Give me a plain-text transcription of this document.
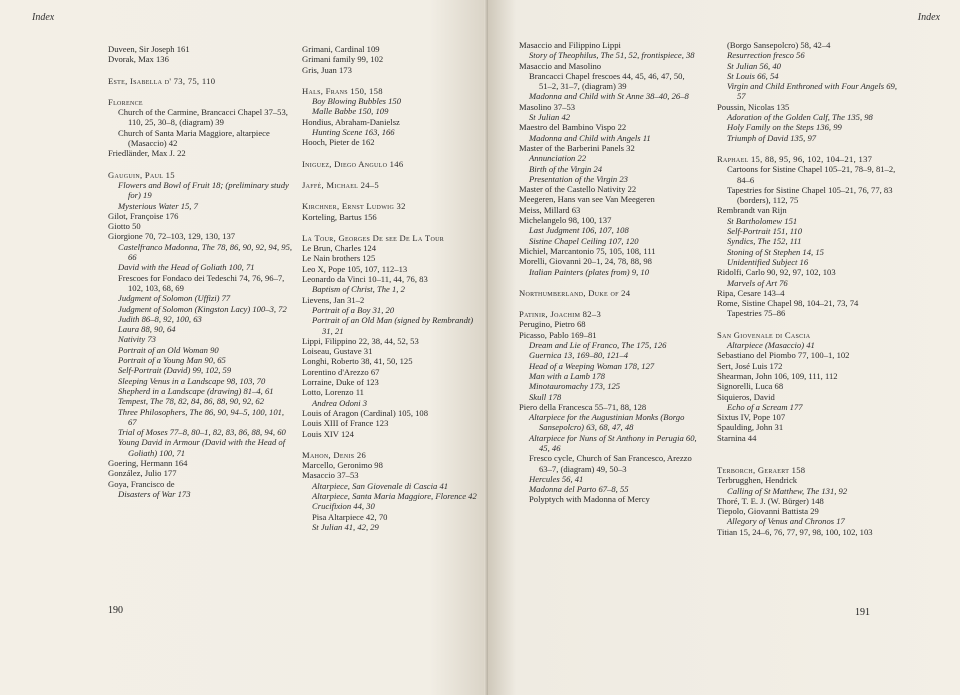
Index
Duveen, Sir Joseph 161
Dvorak, Max 136
Este, Isabella d' 73, 75, 110
Florence
Church of the Carmine, Brancacci Chapel 37–53, 110, 25, 30–8, (diagram) 39
Church of Santa Maria Maggiore, altarpiece (Masaccio) 42
Friedländer, Max J. 22
Gauguin, Paul 15
Flowers and Bowl of Fruit 18; (preliminary study for) 19
Mysterious Water 15, 7
Gilot, Françoise 176
Giotto 50
Giorgione 70, 72–103, 129, 130, 137
Castelfranco Madonna, The 78, 86, 90, 92, 94, 95, 66
David with the Head of Goliath 100, 71
Frescoes for Fondaco dei Tedeschi 74, 76, 96–7, 102, 103, 68, 69
Judgment of Solomon (Uffizi) 77
Judgment of Solomon (Kingston Lacy) 100–3, 72
Judith 86–8, 92, 100, 63
Laura 88, 90, 64
Nativity 73
Portrait of an Old Woman 90
Portrait of a Young Man 90, 65
Self-Portrait (David) 99, 102, 59
Sleeping Venus in a Landscape 98, 103, 70
Shepherd in a Landscape (drawing) 81–4, 61
Tempest, The 78, 82, 84, 86, 88, 90, 92, 62
Three Philosophers, The 86, 90, 94–5, 100, 101, 67
Trial of Moses 77–8, 80–1, 82, 83, 86, 88, 94, 60
Young David in Armour (David with the Head of Goliath) 100, 71
Goering, Hermann 164
González, Julio 177
Goya, Francisco de
Disasters of War 173
Grimani, Cardinal 109
Grimani family 99, 102
Gris, Juan 173
Hals, Frans 150, 158
Boy Blowing Bubbles 150
Malle Babbe 150, 109
Hondius, Abraham-Danielsz
Hunting Scene 163, 166
Hooch, Pieter de 162
Iniguez, Diego Angulo 146
Jaffé, Michael 24–5
Kirchner, Ernst Ludwig 32
Korteling, Bartus 156
La Tour, Georges De see De La Tour
Le Brun, Charles 124
Le Nain brothers 125
Leo X, Pope 105, 107, 112–13
Leonardo da Vinci 10–11, 44, 76, 83
Baptism of Christ, The 1, 2
Lievens, Jan 31–2
Portrait of a Boy 31, 20
Portrait of an Old Man (signed by Rembrandt) 31, 21
Lippi, Filippino 22, 38, 44, 52, 53
Loiseau, Gustave 31
Longhi, Roberto 38, 41, 50, 125
Lorentino d'Arezzo 67
Lorraine, Duke of 123
Lotto, Lorenzo 11
Andrea Odoni 3
Louis of Aragon (Cardinal) 105, 108
Louis XIII of France 123
Louis XIV 124
Mahon, Denis 26
Marcello, Geronimo 98
Masaccio 37–53
Altarpiece, San Giovenale di Cascia 41
Altarpiece, Santa Maria Maggiore, Florence 42
Crucifixion 44, 30
Pisa Altarpiece 42, 70
St Julian 41, 42, 29
190
Index
191
Masaccio and Filippino Lippi
Story of Theophilus, The 51, 52, frontispiece, 38
Masaccio and Masolino
Brancacci Chapel frescoes 44, 45, 46, 47, 50, 51–2, 31–7, (diagram) 39
Madonna and Child with St Anne 38–40, 26–8
Masolino 37–53
St Julian 42
Maestro del Bambino Vispo 22
Madonna and Child with Angels 11
Master of the Barberini Panels 32
Annunciation 22
Birth of the Virgin 24
Presentation of the Virgin 23
Master of the Castello Nativity 22
Meegeren, Hans van see Van Meegeren
Meiss, Millard 63
Michelangelo 98, 100, 137
Last Judgment 106, 107, 108
Sistine Chapel Ceiling 107, 120
Michiel, Marcantonio 75, 105, 108, 111
Morelli, Giovanni 20–1, 24, 78, 88, 98
Italian Painters (plates from) 9, 10
Northumberland, Duke of 24
Patinir, Joachim 82–3
Perugino, Pietro 68
Picasso, Pablo 169–81
Dream and Lie of Franco, The 175, 126
Guernica 13, 169–80, 121–4
Head of a Weeping Woman 178, 127
Man with a Lamb 178
Minotauromachy 173, 125
Skull 178
Piero della Francesca 55–71, 88, 128
Altarpiece for the Augustinian Monks (Borgo Sansepolcro) 63, 68, 47, 48
Altarpiece for Nuns of St Anthony in Perugia 60, 45, 46
Fresco cycle, Church of San Francesco, Arezzo 63–7, (diagram) 49, 50–3
Hercules 56, 41
Madonna del Parto 67–8, 55
Polyptych with Madonna of Mercy
(Borgo Sansepolcro) 58, 42–4
Resurrection fresco 56
St Julian 56, 40
St Louis 66, 54
Virgin and Child Enthroned with Four Angels 69, 57
Poussin, Nicolas 135
Adoration of the Golden Calf, The 135, 98
Holy Family on the Steps 136, 99
Triumph of David 135, 97
Raphael 15, 88, 95, 96, 102, 104–21, 137
Cartoons for Sistine Chapel 105–21, 78–9, 81–2, 84–6
Tapestries for Sistine Chapel 105–21, 76, 77, 83 (borders), 112, 75
Rembrandt van Rijn
St Bartholomew 151
Self-Portrait 151, 110
Syndics, The 152, 111
Stoning of St Stephen 14, 15
Unidentified Subject 16
Ridolfi, Carlo 90, 92, 97, 102, 103
Marvels of Art 76
Ripa, Cesare 143–4
Rome, Sistine Chapel 98, 104–21, 73, 74
Tapestries 75–86
San Giovenale di Cascia
Altarpiece (Masaccio) 41
Sebastiano del Piombo 77, 100–1, 102
Sert, José Luis 172
Shearman, John 106, 109, 111, 112
Signorelli, Luca 68
Siquieros, David
Echo of a Scream 177
Sixtus IV, Pope 107
Spaulding, John 31
Starnina 44
Terborch, Geraert 158
Terbrugghen, Hendrick
Calling of St Matthew, The 131, 92
Thoré, T. E. J. (W. Bürger) 148
Tiepolo, Giovanni Battista 29
Allegory of Venus and Chronos 17
Titian 15, 24–6, 76, 77, 97, 98, 100, 102, 103
